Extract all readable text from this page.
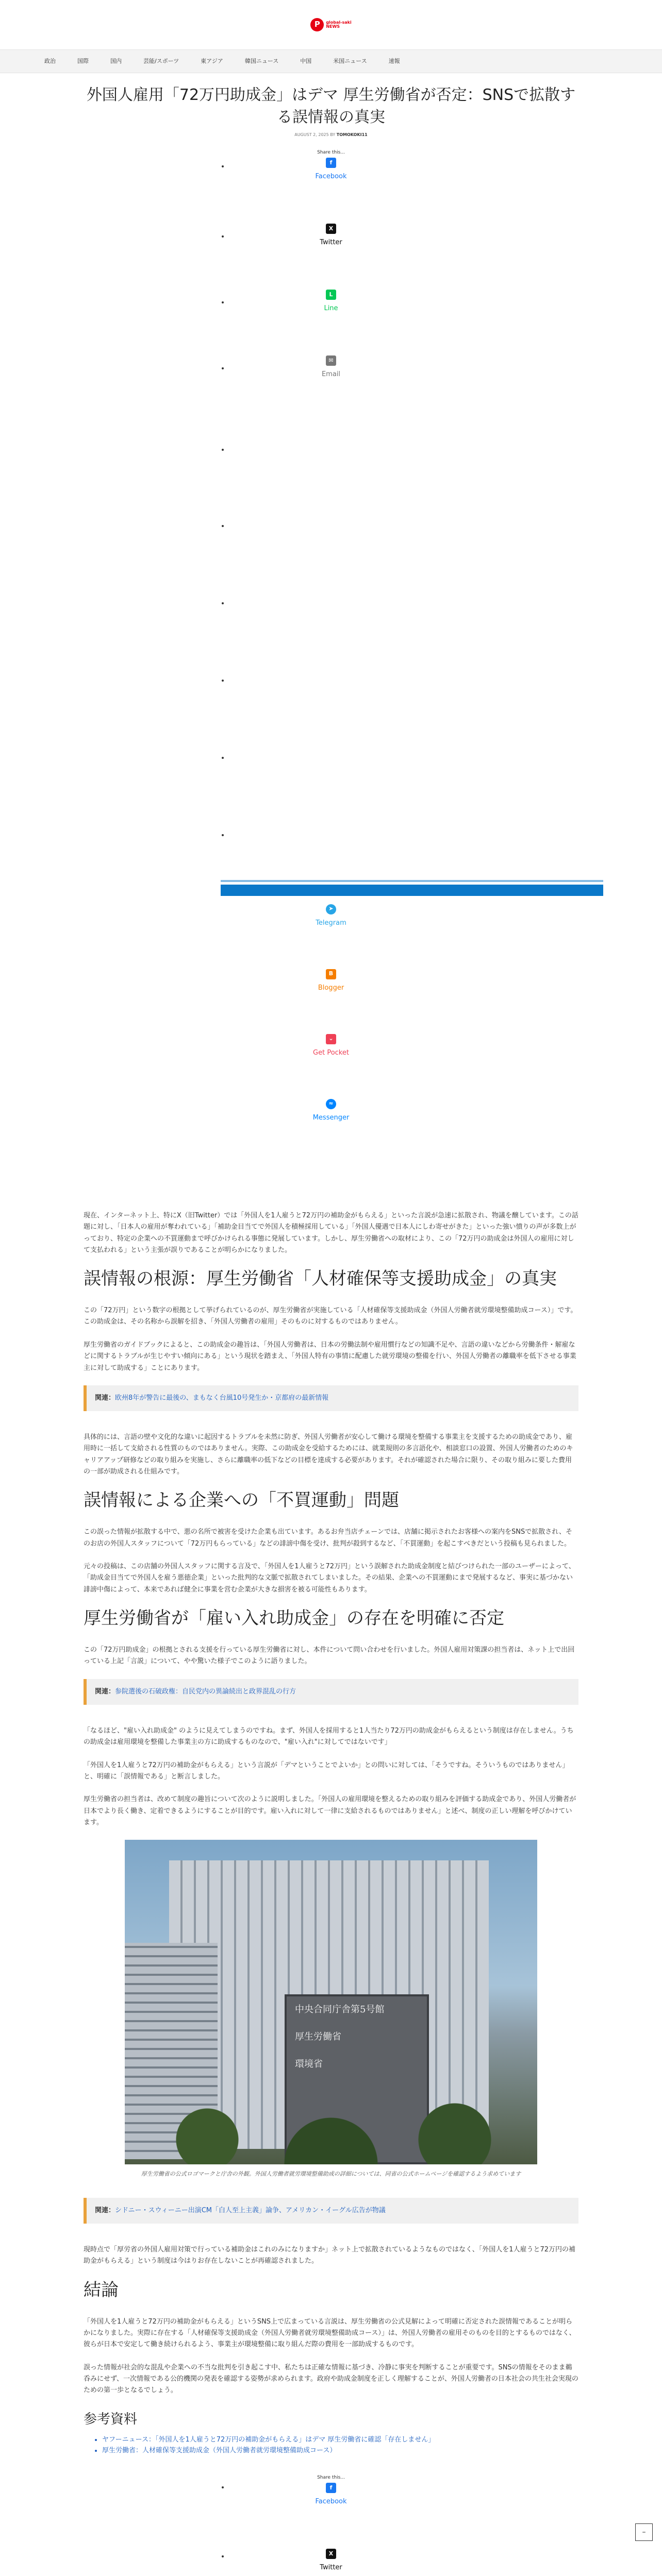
P	global-saki
NEWS
政治	国際	国内	芸能/スポーツ	東アジア	韓国ニュース	中国	米国ニュース	速報
外国人雇用「72万円助成金」はデマ 厚生労働省が否定：SNSで拡散する誤情報の真実
AUGUST 2, 2025 BY TOMOKOKI11
Share this...
f
Facebook
X
Twitter
L
Line
✉
Email
➤
Telegram
B
Blogger
⌄
Get Pocket
≈
Messenger

現在、インターネット上、特にX（旧Twitter）では「外国人を1人雇うと72万円の補助金がもらえる」といった言説が急速に拡散され、物議を醸しています。この話題に対し、「日本人の雇用が奪われている」「補助金目当てで外国人を積極採用している」「外国人優遇で日本人にしわ寄せがきた」といった強い憤りの声が多数上がっており、特定の企業への不買運動まで呼びかけられる事態に発展しています。しかし、厚生労働省への取材により、この「72万円の助成金は外国人の雇用に対して支払われる」という主張が誤りであることが明らかになりました。

誤情報の根源：厚生労働省「人材確保等支援助成金」の真実

この「72万円」という数字の根拠として挙げられているのが、厚生労働省が実施している「人材確保等支援助成金（外国人労働者就労環境整備助成コース）」です。この助成金は、その名称から誤解を招き、「外国人労働者の雇用」そのものに対するものではありません。

厚生労働省のガイドブックによると、この助成金の趣旨は、「外国人労働者は、日本の労働法制や雇用慣行などの知識不足や、言語の違いなどから労働条件・解雇などに関するトラブルが生じやすい傾向にある」という現状を踏まえ、「外国人特有の事情に配慮した就労環境の整備を行い、外国人労働者の離職率を低下させる事業主に対して助成する」ことにあります。

関連：欧州8年が警告に最後の、まもなく台風10号発生か・京都府の最新情報

具体的には、言語の壁や文化的な違いに起因するトラブルを未然に防ぎ、外国人労働者が安心して働ける環境を整備する事業主を支援するための助成金であり、雇用時に一括して支給される性質のものではありません。実際、この助成金を受給するためには、就業規則の多言語化や、相談窓口の設置、外国人労働者のためのキャリアアップ研修などの取り組みを実施し、さらに離職率の低下などの目標を達成する必要があります。それが確認された場合に限り、その取り組みに要した費用の一部が助成される仕組みです。

誤情報による企業への「不買運動」問題

この誤った情報が拡散する中で、悪の名所で被害を受けた企業も出ています。あるお弁当店チェーンでは、店舗に掲示されたお客様への案内をSNSで拡散され、そのお店の外国人スタッフについて「72万円もらっている」などの誹謗中傷を受け、批判が殺到するなど、「不買運動」を起こすべきだという投稿も見られました。

元々の投稿は、この店舗の外国人スタッフに関する言及で、「外国人を1人雇うと72万円」という誤解された助成金制度と結びつけられた一部のユーザーによって、「助成金目当てで外国人を雇う悪徳企業」といった批判的な文脈で拡散されてしまいました。その結果、企業への不買運動にまで発展するなど、事実に基づかない誹謗中傷によって、本来であれば健全に事業を営む企業が大きな損害を被る可能性もあります。

厚生労働省が「雇い入れ助成金」の存在を明確に否定

この「72万円助成金」の根拠とされる支援を行っている厚生労働省に対し、本件について問い合わせを行いました。外国人雇用対策課の担当者は、ネット上で出回っている上記「言説」について、やや驚いた様子でこのように語りました。

関連：参院選後の石破政権：自民党内の異論続出と政界混乱の行方

「なるほど、"雇い入れ助成金" のように見えてしまうのですね。まず、外国人を採用すると1人当たり72万円の助成金がもらえるという制度は存在しません。うちの助成金は雇用環境を整備した事業主の方に助成するものなので、"雇い入れ"に対してではないです」

「外国人を1人雇うと72万円の補助金がもらえる」という言説が「デマということでよいか」との問いに対しては、「そうですね。そういうものではありません」と、明確に「誤情報である」と断言しました。

厚生労働省の担当者は、改めて制度の趣旨について次のように説明しました。「外国人の雇用環境を整えるための取り組みを評価する助成金であり、外国人労働者が日本でより長く働き、定着できるようにすることが目的です。雇い入れに対して一律に支給されるものではありません」と述べ、制度の正しい理解を呼びかけています。

中央合同庁舎第5号館
厚生労働省
環境省
厚生労働省の公式ロゴマークと庁舎の外観。外国人労働者就労環境整備助成の詳細については、同省の公式ホームページを確認するよう求めています
関連：シドニー・スウィーニー出演CM「白人至上主義」論争、アメリカン・イーグル広告が物議

現時点で「厚労省の外国人雇用対策で行っている補助金はこれのみになりますか」ネット上で拡散されているようなものではなく、「外国人を1人雇うと72万円の補助金がもらえる」という制度は今はりお存在しないことが再確認されました。

結論

「外国人を1人雇うと72万円の補助金がもらえる」というSNS上で広まっている言説は、厚生労働省の公式見解によって明確に否定された誤情報であることが明らかになりました。実際に存在する「人材確保等支援助成金（外国人労働者就労環境整備助成コース）」は、外国人労働者の雇用そのものを目的とするものではなく、彼らが日本で安定して働き続けられるよう、事業主が環境整備に取り組んだ際の費用を一部助成するものです。

誤った情報が社会的な混乱や企業への不当な批判を引き起こす中、私たちは正確な情報に基づき、冷静に事実を判断することが重要です。SNSの情報をそのまま鵜呑みにせず、一次情報である公的機関の発表を確認する姿勢が求められます。政府や助成金制度を正しく理解することが、外国人労働者の日本社会の共生社会実現のための第一歩となるでしょう。

参考資料
• ヤフーニュース：「外国人を1人雇うと72万円の補助金がもらえる」はデマ 厚生労働省に確認「存在しません」
• 厚生労働省：人材確保等支援助成金（外国人労働者就労環境整備助成コース）
Share this...
f
Facebook
X
Twitter
–
